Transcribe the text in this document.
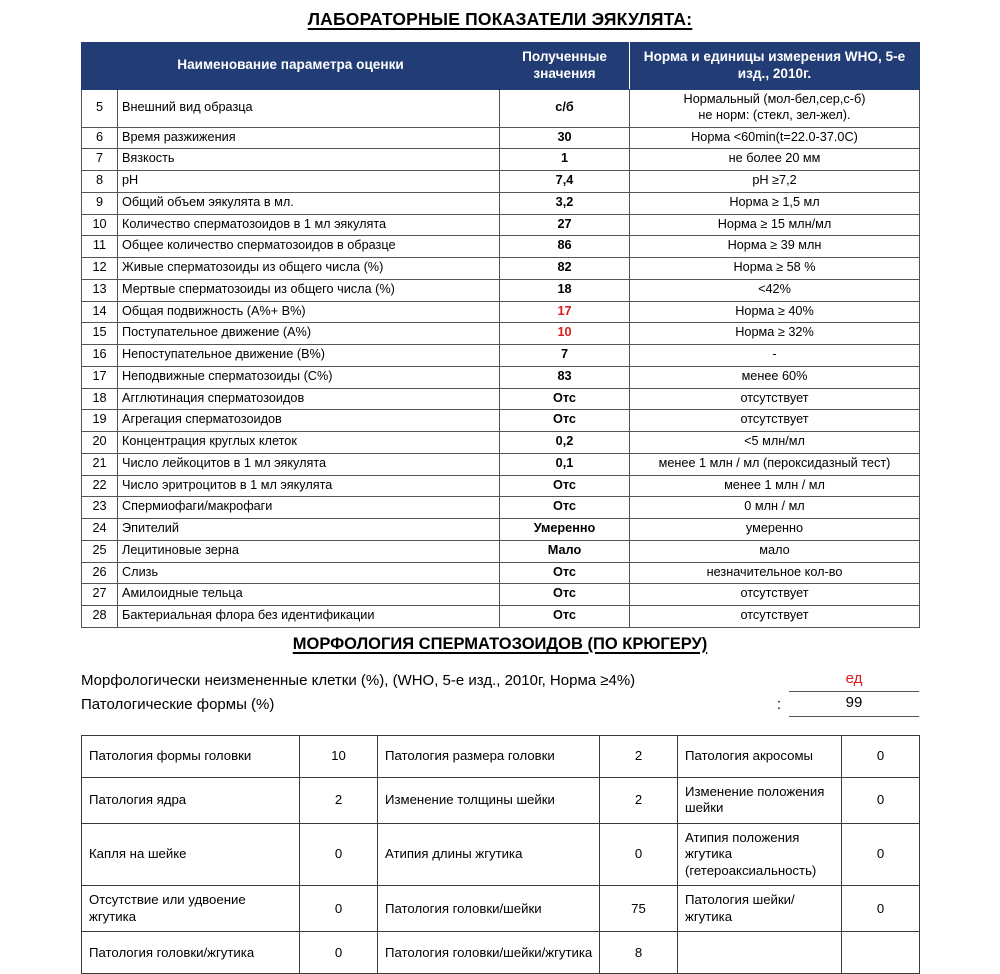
ЛАБОРАТОРНЫЕ ПОКАЗАТЕЛИ ЭЯКУЛЯТА:
Наименование параметра оценки		Полученные значения	Норма и единицы измерения WHO, 5-е изд., 2010г.
5	Внешний вид образца	с/б	Нормальный (мол-бел,сер,с-б)
не норм: (стекл, зел-жел).
6	Время разжижения	30	Норма <60min(t=22.0-37.0C)
7	Вязкость	1	не более 20 мм
8	pH	7,4	pH ≥7,2
9	Общий объем эякулята в мл.	3,2	Норма ≥ 1,5 мл
10	Количество сперматозоидов в 1 мл эякулята	27	Норма ≥ 15 млн/мл
11	Общее количество сперматозоидов в образце	86	Норма ≥ 39 млн
12	Живые сперматозоиды из общего числа (%)	82	Норма ≥ 58 %
13	Мертвые сперматозоиды из общего числа (%)	18	<42%
14	Общая подвижность (А%+ В%)	17	Норма ≥ 40%
15	Поступательное движение (А%)	10	Норма ≥ 32%
16	Непоступательное движение (В%)	7	-
17	Неподвижные сперматозоиды (С%)	83	менее 60%
18	Агглютинация сперматозоидов	Отс	отсутствует
19	Агрегация сперматозоидов	Отс	отсутствует
20	Концентрация круглых клеток	0,2	<5 млн/мл
21	Число лейкоцитов в 1 мл эякулята	0,1	менее 1 млн / мл (пероксидазный тест)
22	Число эритроцитов в 1 мл эякулята	Отс	менее 1 млн / мл
23	Спермиофаги/макрофаги	Отс	0 млн / мл
24	Эпителий	Умеренно	умеренно
25	Лецитиновые зерна	Мало	мало
26	Слизь	Отс	незначительное кол-во
27	Амилоидные тельца	Отс	отсутствует
28	Бактериальная флора без идентификации	Отс	отсутствует
МОРФОЛОГИЯ СПЕРМАТОЗОИДОВ (ПО КРЮГЕРУ)
Морфологически неизмененные клетки (%), (WHO, 5-е изд., 2010г, Норма ≥4%)	ед
Патологические формы (%)	:	99
Патология формы головки	10	Патология размера головки	2	Патология акросомы	0
Патология ядра	2	Изменение толщины шейки	2	Изменение положения шейки	0
Капля на шейке	0	Атипия длины жгутика	0	Атипия положения жгутика (гетероаксиальность)	0
Отсутствие или удвоение жгутика	0	Патология головки/шейки	75	Патология шейки/жгутика	0
Патология головки/жгутика	0	Патология головки/шейки/жгутика	8		
